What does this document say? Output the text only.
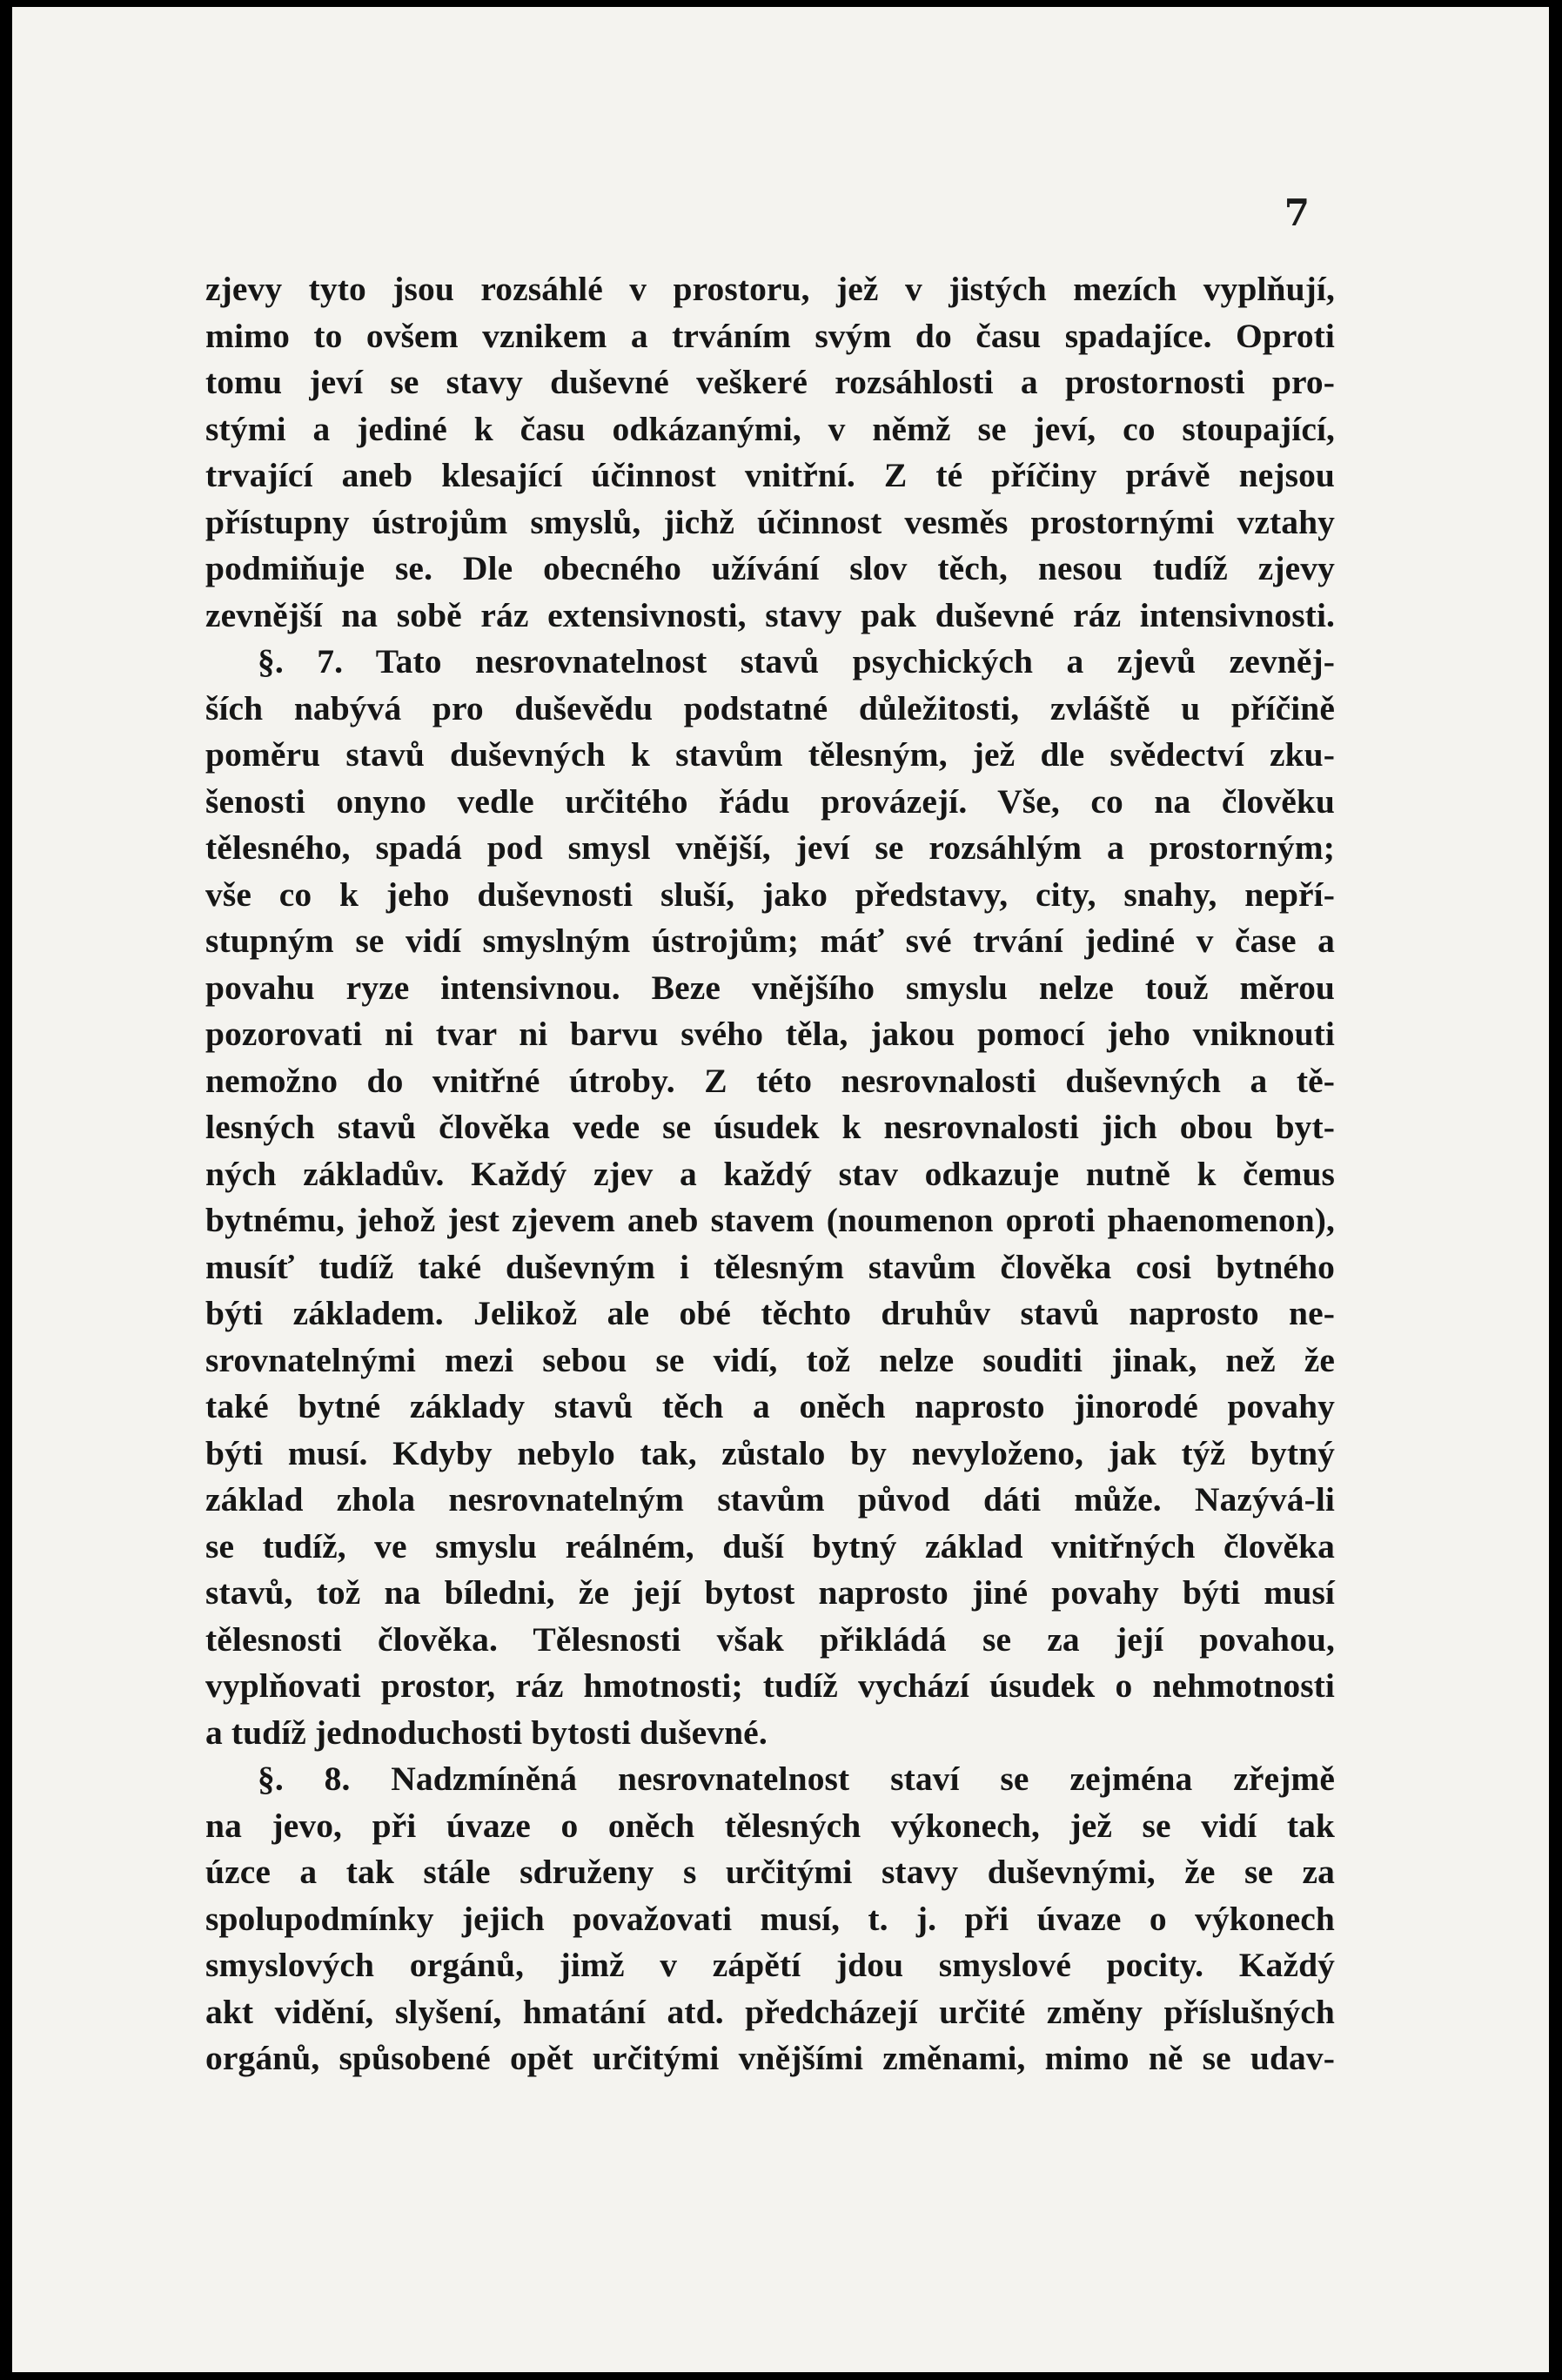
7
zjevy tyto jsou rozsáhlé v prostoru, jež v jistých mezích vyplňují,
mimo to ovšem vznikem a trváním svým do času spadajíce. Oproti
tomu jeví se stavy duševné veškeré rozsáhlosti a prostornosti pro-
stými a jediné k času odkázanými, v němž se jeví, co stoupající,
trvající aneb klesající účinnost vnitřní. Z té příčiny právě nejsou
přístupny ústrojům smyslů, jichž účinnost vesměs prostornými vztahy
podmiňuje se. Dle obecného užívání slov těch, nesou tudíž zjevy
zevnější na sobě ráz extensivnosti, stavy pak duševné ráz intensivnosti.
§. 7. Tato nesrovnatelnost stavů psychických a zjevů zevněj-
ších nabývá pro duševědu podstatné důležitosti, zvláště u příčině
poměru stavů duševných k stavům tělesným, jež dle svědectví zku-
šenosti onyno vedle určitého řádu provázejí. Vše, co na člověku
tělesného, spadá pod smysl vnější, jeví se rozsáhlým a prostorným;
vše co k jeho duševnosti sluší, jako představy, city, snahy, nepří-
stupným se vidí smyslným ústrojům; máť své trvání jediné v čase a
povahu ryze intensivnou. Beze vnějšího smyslu nelze touž měrou
pozorovati ni tvar ni barvu svého těla, jakou pomocí jeho vniknouti
nemožno do vnitřné útroby. Z této nesrovnalosti duševných a tě-
lesných stavů člověka vede se úsudek k nesrovnalosti jich obou byt-
ných základův. Každý zjev a každý stav odkazuje nutně k čemus
bytnému, jehož jest zjevem aneb stavem (noumenon oproti phaenomenon),
musíť tudíž také duševným i tělesným stavům člověka cosi bytného
býti základem. Jelikož ale obé těchto druhův stavů naprosto ne-
srovnatelnými mezi sebou se vidí, tož nelze souditi jinak, než že
také bytné základy stavů těch a oněch naprosto jinorodé povahy
býti musí. Kdyby nebylo tak, zůstalo by nevyloženo, jak týž bytný
základ zhola nesrovnatelným stavům původ dáti může. Nazývá-li
se tudíž, ve smyslu reálném, duší bytný základ vnitřných člověka
stavů, tož na bíledni, že její bytost naprosto jiné povahy býti musí
tělesnosti člověka. Tělesnosti však přikládá se za její povahou,
vyplňovati prostor, ráz hmotnosti; tudíž vychází úsudek o nehmotnosti
a tudíž jednoduchosti bytosti duševné.
§. 8. Nadzmíněná nesrovnatelnost staví se zejména zřejmě
na jevo, při úvaze o oněch tělesných výkonech, jež se vidí tak
úzce a tak stále sdruženy s určitými stavy duševnými, že se za
spolupodmínky jejich považovati musí, t. j. při úvaze o výkonech
smyslových orgánů, jimž v zápětí jdou smyslové pocity. Každý
akt vidění, slyšení, hmatání atd. předcházejí určité změny příslušných
orgánů, spůsobené opět určitými vnějšími změnami, mimo ně se udav-
